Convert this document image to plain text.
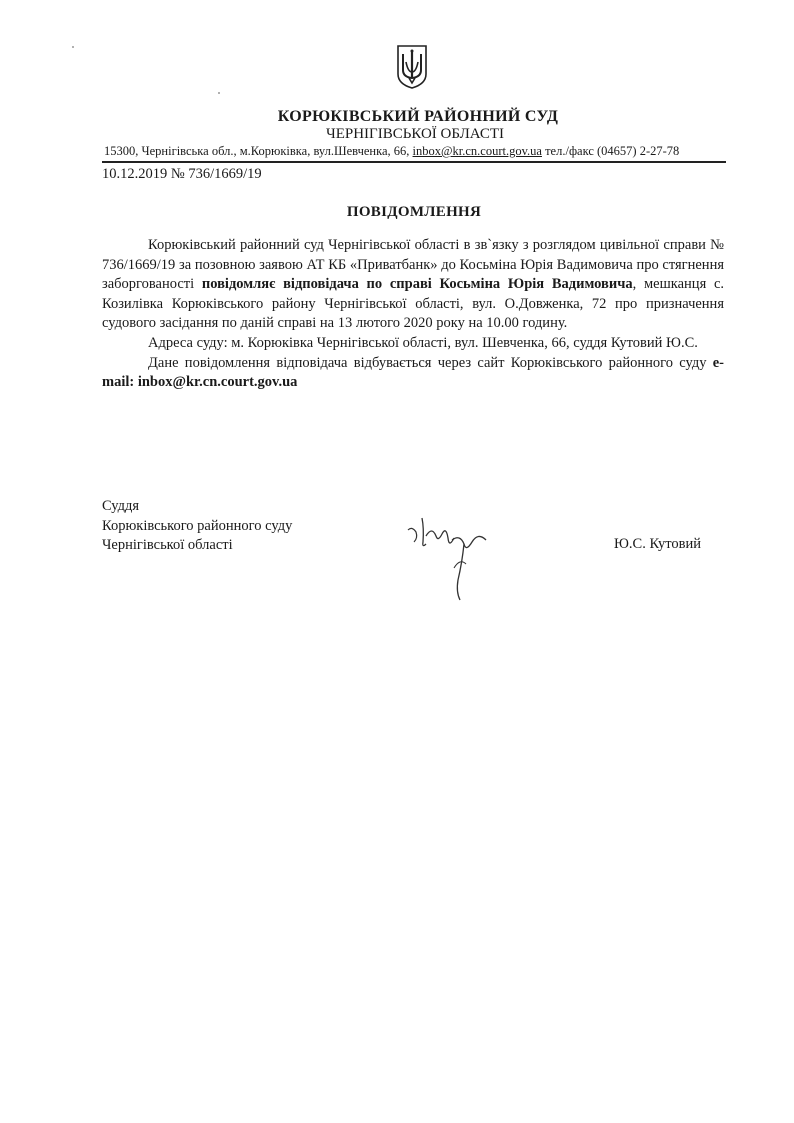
КОРЮКІВСЬКИЙ РАЙОННИЙ СУД
ЧЕРНІГІВСЬКОЇ ОБЛАСТІ
15300, Чернігівська обл., м.Корюківка, вул.Шевченка, 66, inbox@kr.cn.court.gov.ua тел./факс (04657) 2-27-78
10.12.2019 № 736/1669/19
ПОВІДОМЛЕННЯ

Корюківський районний суд Чернігівської області в зв`язку з розглядом цивільної справи № 736/1669/19 за позовною заявою АТ КБ «Приватбанк» до Косьміна Юрія Вадимовича про стягнення заборгованості повідомляє відповідача по справі Косьміна Юрія Вадимовича, мешканця с. Козилівка Корюківського району Чернігівської області, вул. О.Довженка, 72 про призначення судового засідання по даній справі на 13 лютого 2020 року на 10.00 годину.

Адреса суду: м. Корюківка Чернігівської області, вул. Шевченка, 66, суддя Кутовий Ю.С.

Дане повідомлення відповідача відбувається через сайт Корюківського районного суду e-mail: inbox@kr.cn.court.gov.ua

Суддя
Корюківського районного суду
Чернігівської області	Ю.С. Кутовий
